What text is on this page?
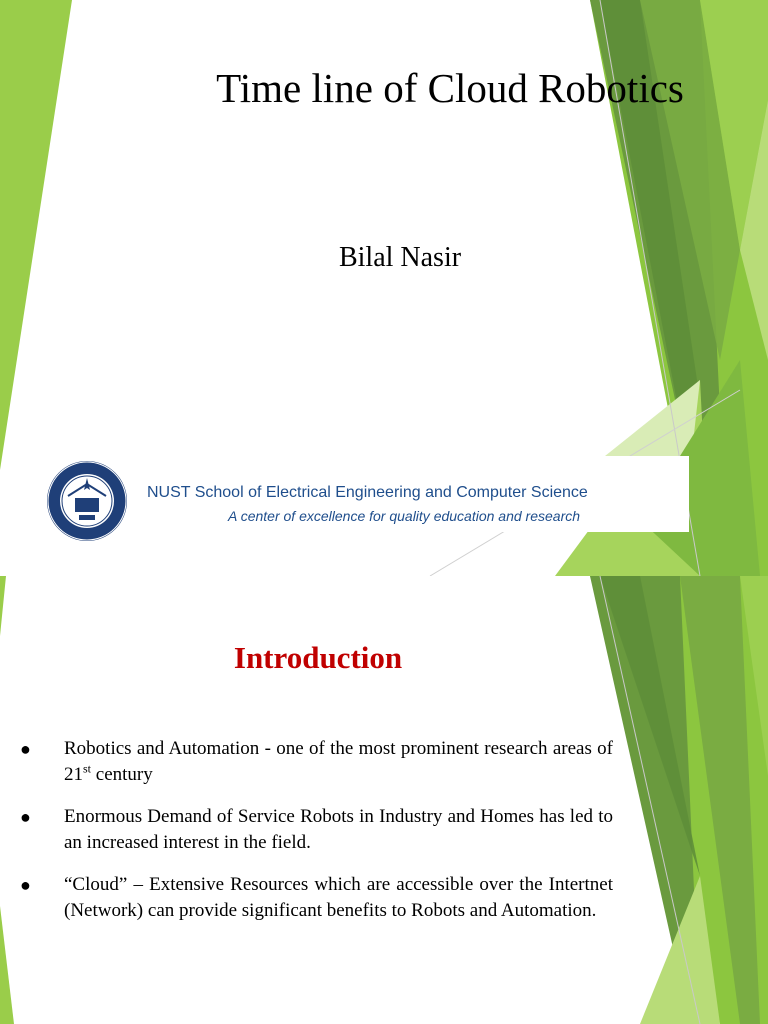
Time line of Cloud Robotics
Bilal Nasir
NUST School of Electrical Engineering and Computer Science
A center of excellence for quality education and research
Introduction
●	Robotics and Automation - one of the most prominent research areas of 21st century
●	Enormous Demand of Service Robots in Industry and Homes has led to an increased interest in the field.
●	“Cloud” – Extensive Resources which are accessible over the Intertnet (Network) can provide significant benefits to Robots and Automation.
